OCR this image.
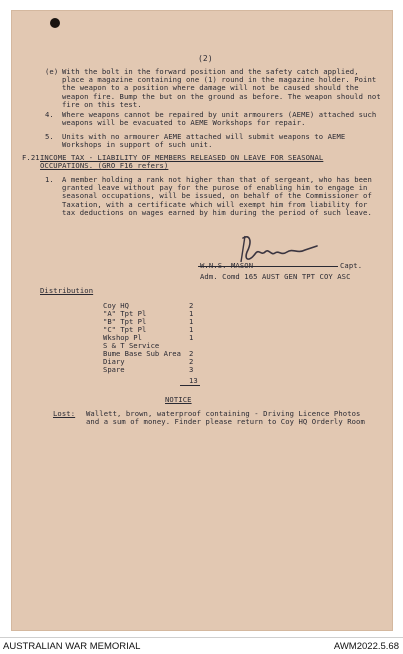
(2)
(e) With the bolt in the forward position and the safety catch applied, place a magazine containing one (1) round in the magazine holder. Point the weapon to a position where damage will not be caused should the weapon fire. Bump the but on the ground as before. The weapon should not fire on this test.
4.	Where weapons cannot be repaired by unit armourers (AEME) attached such weapons will be evacuated to AEME Workshops for repair.
5.	Units with no armourer AEME attached will submit weapons to AEME Workshops in support of such unit.
F.21 INCOME TAX - LIABILITY OF MEMBERS RELEASED ON LEAVE FOR SEASONAL OCCUPATIONS. (GRO F16 refers)
1.	A member holding a rank not higher than that of sergeant, who has been granted leave without pay for the purose of enabling him to engage in seasonal occupations, will be issued, on behalf of the Commissioner of Taxation, with a certificate which will exempt him from liability for tax deductions on wages earned by him during the period of such leave.
W.N.S. MASON	Capt.
Adm. Comd 165 AUST GEN TPT COY ASC
Distribution
Coy HQ	2
"A" Tpt Pl	1
"B" Tpt Pl	1
"C" Tpt Pl	1
Wkshop Pl	1
S & T Service
Bume Base Sub Area 2
Diary	2
Spare	3
13
NOTICE
Lost: Wallett, brown, waterproof containing - Driving Licence Photos and a sum of money. Finder please return to Coy HQ Orderly Room
AUSTRALIAN WAR MEMORIAL	AWM2022.5.68
